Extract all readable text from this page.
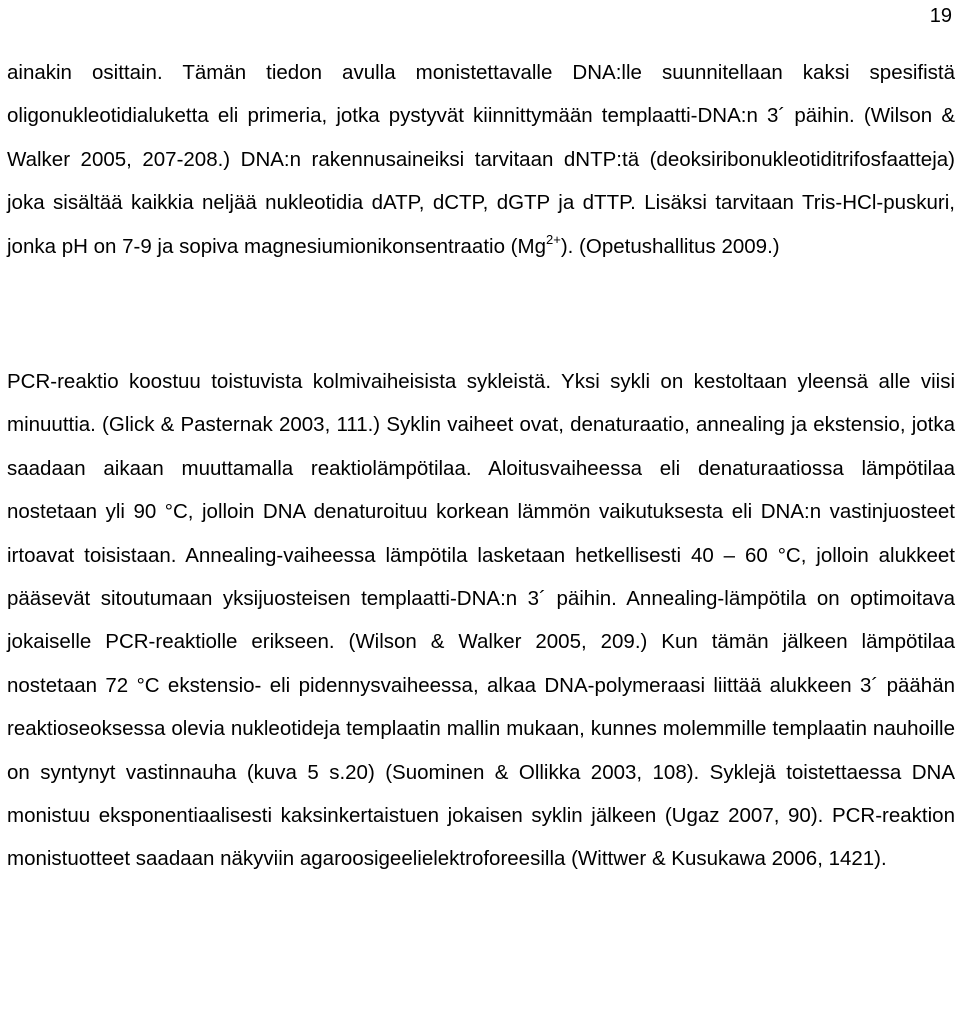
19

ainakin osittain. Tämän tiedon avulla monistettavalle DNA:lle suunnitellaan kaksi spesifistä oligonukleotidialuketta eli primeria, jotka pystyvät kiinnittymään templaatti-DNA:n 3´ päihin. (Wilson & Walker 2005, 207-208.) DNA:n rakennusaineiksi tarvitaan dNTP:tä (deoksiribonukleotiditrifosfaatteja) joka sisältää kaikkia neljää nukleotidia dATP, dCTP, dGTP ja dTTP. Lisäksi tarvitaan Tris-HCl-puskuri, jonka pH on 7-9 ja sopiva magnesiumionikonsentraatio $(Mg^{2+})$. (Opetushallitus 2009.)

PCR-reaktio koostuu toistuvista kolmivaiheisista sykleistä. Yksi sykli on kestoltaan yleensä alle viisi minuuttia. (Glick & Pasternak 2003, 111.) Syklin vaiheet ovat, denaturaatio, annealing ja ekstensio, jotka saadaan aikaan muuttamalla reaktiolämpötilaa. Aloitusvaiheessa eli denaturaatiossa lämpötilaa nostetaan yli 90 °C, jolloin DNA denaturoituu korkean lämmön vaikutuksesta eli DNA:n vastinjuosteet irtoavat toisistaan. Annealing-vaiheessa lämpötila lasketaan hetkellisesti 40 – 60 °C, jolloin alukkeet pääsevät sitoutumaan yksijuosteisen templaatti-DNA:n 3´ päihin. Annealing-lämpötila on optimoitava jokaiselle PCR-reaktiolle erikseen. (Wilson & Walker 2005, 209.) Kun tämän jälkeen lämpötilaa nostetaan 72 °C ekstensio- eli pidennysvaiheessa, alkaa DNA-polymeraasi liittää alukkeen 3´ päähän reaktioseoksessa olevia nukleotideja templaatin mallin mukaan, kunnes molemmille templaatin nauhoille on syntynyt vastinnauha (kuva 5 s.20) (Suominen & Ollikka 2003, 108). Syklejä toistettaessa DNA monistuu eksponentiaalisesti kaksinkertaistuen jokaisen syklin jälkeen (Ugaz 2007, 90). PCR-reaktion monistuotteet saadaan näkyviin agaroosigeelielektroforeesilla (Wittwer & Kusukawa 2006, 1421).
